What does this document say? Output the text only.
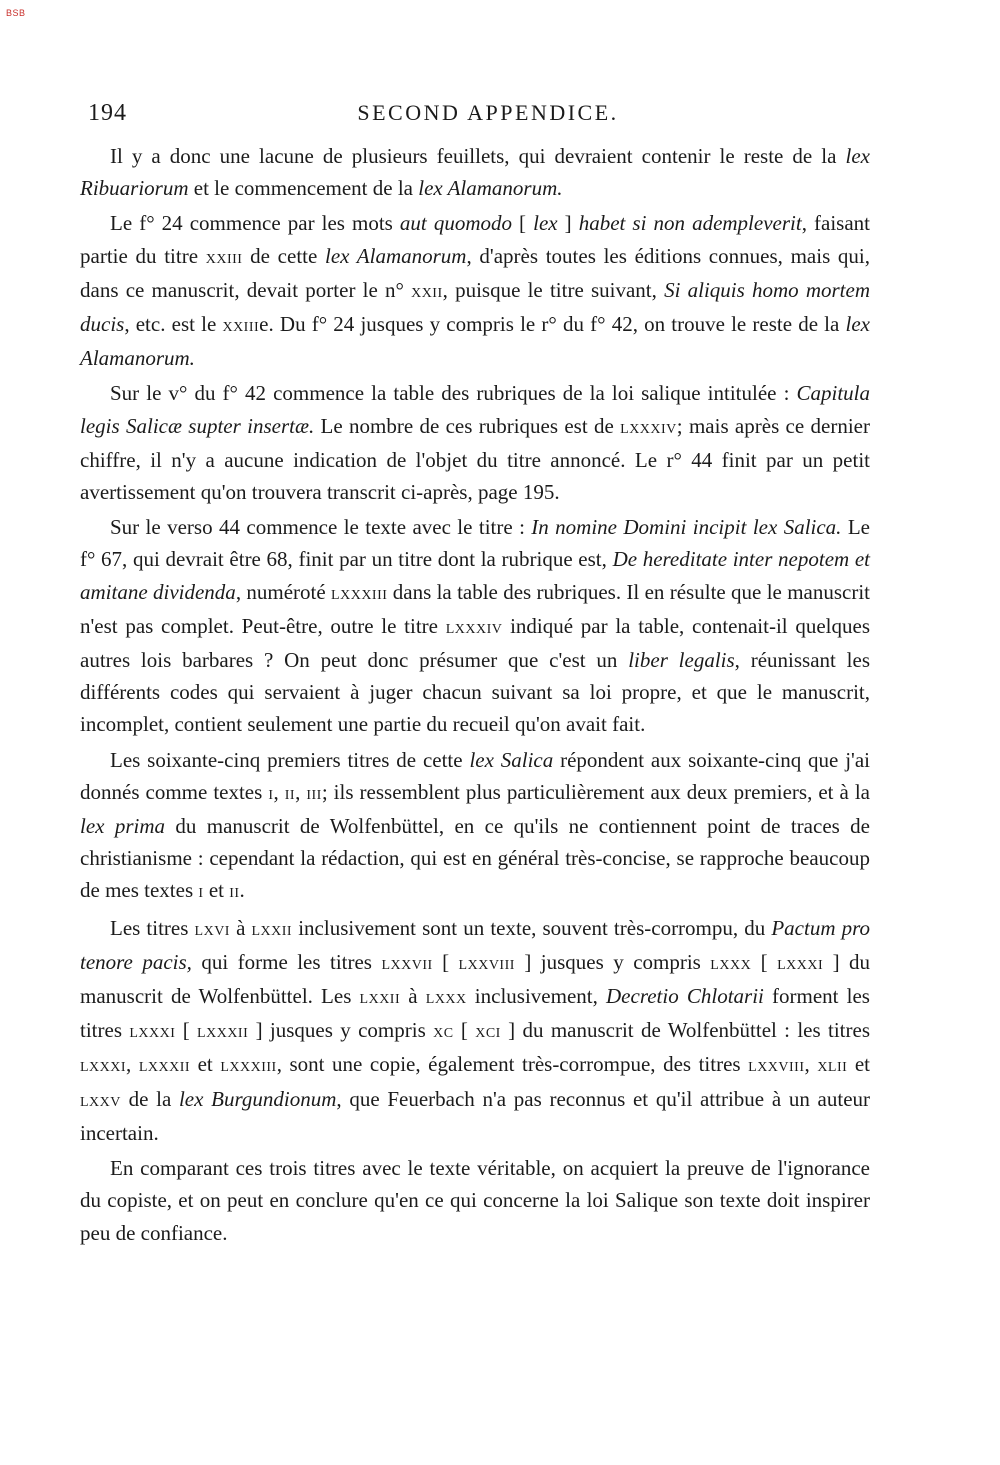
BSB
194	SECOND APPENDICE.

Il y a donc une lacune de plusieurs feuillets, qui devraient contenir le reste de la lex Ribuariorum et le commencement de la lex Alamanorum.

Le f° 24 commence par les mots aut quomodo [ lex ] habet si non adempleverit, faisant partie du titre xxiii de cette lex Alamanorum, d'après toutes les éditions connues, mais qui, dans ce manuscrit, devait porter le n° xxii, puisque le titre suivant, Si aliquis homo mortem ducis, etc. est le xxiiie. Du f° 24 jusques y compris le r° du f° 42, on trouve le reste de la lex Alamanorum.

Sur le v° du f° 42 commence la table des rubriques de la loi salique intitulée : Capitula legis Salicæ supter insertæ. Le nombre de ces rubriques est de lxxxiv; mais après ce dernier chiffre, il n'y a aucune indication de l'objet du titre annoncé. Le r° 44 finit par un petit avertissement qu'on trouvera transcrit ci-après, page 195.

Sur le verso 44 commence le texte avec le titre : In nomine Domini incipit lex Salica. Le f° 67, qui devrait être 68, finit par un titre dont la rubrique est, De hereditate inter nepotem et amitane dividenda, numéroté lxxxiii dans la table des rubriques. Il en résulte que le manuscrit n'est pas complet. Peut-être, outre le titre lxxxiv indiqué par la table, contenait-il quelques autres lois barbares ? On peut donc présumer que c'est un liber legalis, réunissant les différents codes qui servaient à juger chacun suivant sa loi propre, et que le manuscrit, incomplet, contient seulement une partie du recueil qu'on avait fait.

Les soixante-cinq premiers titres de cette lex Salica répondent aux soixante-cinq que j'ai donnés comme textes i, ii, iii; ils ressemblent plus particulièrement aux deux premiers, et à la lex prima du manuscrit de Wolfenbüttel, en ce qu'ils ne contiennent point de traces de christianisme : cependant la rédaction, qui est en général très-concise, se rapproche beaucoup de mes textes i et ii.

Les titres lxvi à lxxii inclusivement sont un texte, souvent très-corrompu, du Pactum pro tenore pacis, qui forme les titres lxxvii [ lxxviii ] jusques y compris lxxx [ lxxxi ] du manuscrit de Wolfenbüttel. Les lxxii à lxxx inclusivement, Decretio Chlotarii forment les titres lxxxi [ lxxxii ] jusques y compris xc [ xci ] du manuscrit de Wolfenbüttel : les titres lxxxi, lxxxii et lxxxiii, sont une copie, également très-corrompue, des titres lxxviii, xlii et lxxv de la lex Burgundionum, que Feuerbach n'a pas reconnus et qu'il attribue à un auteur incertain.

En comparant ces trois titres avec le texte véritable, on acquiert la preuve de l'ignorance du copiste, et on peut en conclure qu'en ce qui concerne la loi Salique son texte doit inspirer peu de confiance.
